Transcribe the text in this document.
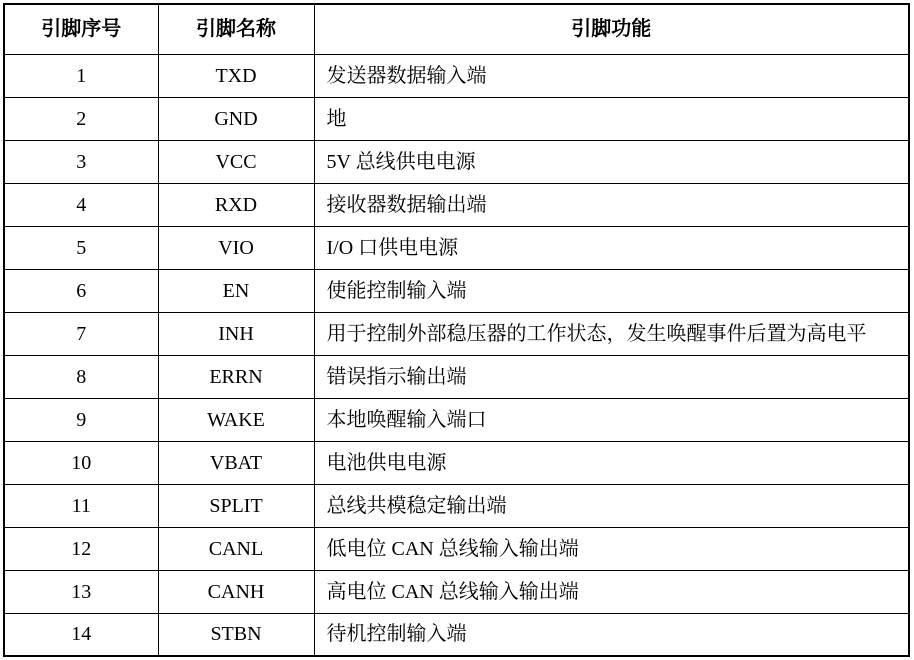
引脚序号	引脚名称	引脚功能
1	TXD	发送器数据输入端
2	GND	地
3	VCC	5V 总线供电电源
4	RXD	接收器数据输出端
5	VIO	I/O 口供电电源
6	EN	使能控制输入端
7	INH	用于控制外部稳压器的工作状态，发生唤醒事件后置为高电平
8	ERRN	错误指示输出端
9	WAKE	本地唤醒输入端口
10	VBAT	电池供电电源
11	SPLIT	总线共模稳定输出端
12	CANL	低电位 CAN 总线输入输出端
13	CANH	高电位 CAN 总线输入输出端
14	STBN	待机控制输入端
